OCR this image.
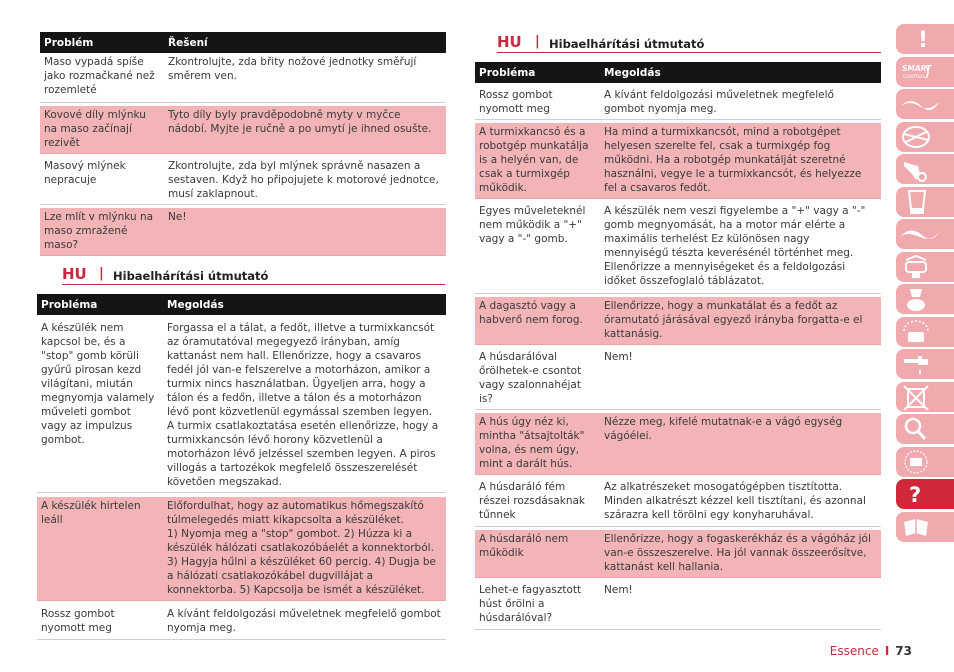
Problém	Řešení
Maso vypadá spíše jako rozmačkané než rozemleté	Zkontrolujte, zda břity nožové jednotky směřují směrem ven.

Kovové díly mlýnku na maso začínají rezivět	Tyto díly byly pravděpodobně myty v myčce nádobí. Myjte je ručně a po umytí je ihned osušte.

Masový mlýnek nepracuje	Zkontrolujte, zda byl mlýnek správně nasazen a sestaven. Když ho připojujete k motorové jednotce, musí zaklapnout.

Lze mlít v mlýnku na maso zmražené maso?	Ne!
HU | Hibaelhárítási útmutató
Probléma	Megoldás

A készülék nem kapcsol be, és a "stop" gomb körüli gyűrű pirosan kezd világítani, miután megnyomja valamely műveleti gombot vagy az impulzus gombot.	Forgassa el a tálat, a fedőt, illetve a turmixkancsót az óramutatóval megegyező irányban, amíg kattanást nem hall. Ellenőrizze, hogy a csavaros fedél jól van-e felszerelve a motorházon, amikor a turmix nincs használatban. Ügyeljen arra, hogy a tálon és a fedőn, illetve a tálon és a motorházon lévő pont közvetlenül egymással szemben legyen. A turmix csatlakoztatása esetén ellenőrizze, hogy a turmixkancsón lévő horony közvetlenül a motorházon lévő jelzéssel szemben legyen. A piros villogás a tartozékok megfelelő összeszerelését követően megszakad.

A készülék hirtelen leáll	Előfordulhat, hogy az automatikus hőmegszakító túlmelegedés miatt kikapcsolta a készüléket.
1) Nyomja meg a "stop" gombot. 2) Húzza ki a készülék hálózati csatlakozóbáelét a konnektorból. 3) Hagyja hűlni a készüléket 60 percig. 4) Dugja be a hálózati csatlakozókábel dugvillájat a konnektorba. 5) Kapcsolja be ismét a készüléket.

Rossz gombot nyomott meg	A kívánt feldolgozási műveletnek megfelelő gombot nyomja meg.
HU | Hibaelhárítási útmutató
Probléma	Megoldás

Rossz gombot nyomott meg	A kívánt feldolgozási műveletnek megfelelő gombot nyomja meg.

A turmixkancsó és a robotgép munkatálja is a helyén van, de csak a turmixgép működik.	Ha mind a turmixkancsót, mind a robotgépet helyesen szerelte fel, csak a turmixgép fog működni. Ha a robotgép munkatálját szeretné használni, vegye le a turmixkancsót, és helyezze fel a csavaros fedőt.

Egyes műveleteknél nem működik a "+" vagy a "-" gomb.	A készülék nem veszi figyelembe a "+" vagy a "-" gomb megnyomását, ha a motor már elérte a maximális terhelést Ez különösen nagy mennyiségű tészta keverésénél történhet meg. Ellenőrizze a mennyiségeket és a feldolgozási időket összefoglaló táblázatot.

A dagasztó vagy a habverő nem forog.	Ellenőrizze, hogy a munkatálat és a fedőt az óramutató járásával egyező irányba forgatta-e el kattanásig.

A húsdarálóval őrölhetek-e csontot vagy szalonnahéjat is?	Nem!

A hús úgy néz ki, mintha "átsajtolták" volna, és nem úgy, mint a darált hús.	Nézze meg, kifelé mutatnak-e a vágó egység vágóélei.

A húsdaráló fém részei rozsdásaknak tűnnek	Az alkatrészeket mosogatógépben tisztította. Minden alkatrészt kézzel kell tisztítani, és azonnal szárazra kell törölni egy konyharuhával.

A húsdaráló nem működik	Ellenőrizze, hogy a fogaskerékház és a vágóház jól van-e összeszerelve. Ha jól vannak összeerősítve, kattanást kell hallania.

Lehet-e fagyasztott húst őrölni a húsdarálóval?	Nem!
!
SMART
CONTROL
?
Essence I 73
